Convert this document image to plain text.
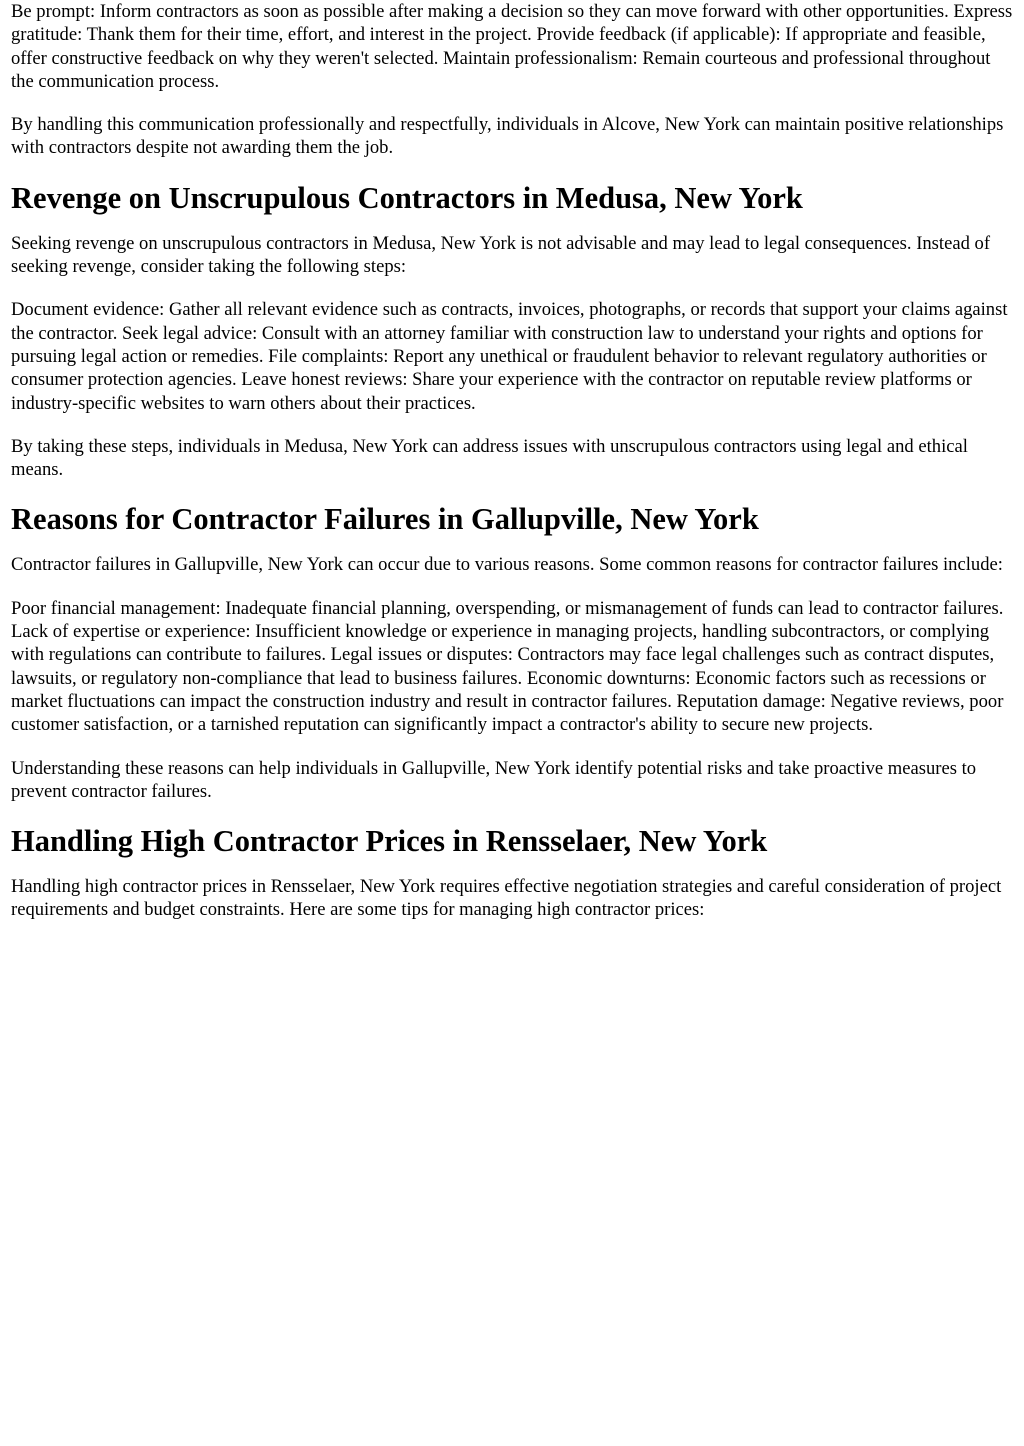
Be prompt: Inform contractors as soon as possible after making a decision so they can move forward with other opportunities. Express gratitude: Thank them for their time, effort, and interest in the project. Provide feedback (if applicable): If appropriate and feasible, offer constructive feedback on why they weren't selected. Maintain professionalism: Remain courteous and professional throughout the communication process.

By handling this communication professionally and respectfully, individuals in Alcove, New York can maintain positive relationships with contractors despite not awarding them the job.

Revenge on Unscrupulous Contractors in Medusa, New York

Seeking revenge on unscrupulous contractors in Medusa, New York is not advisable and may lead to legal consequences. Instead of seeking revenge, consider taking the following steps:

Document evidence: Gather all relevant evidence such as contracts, invoices, photographs, or records that support your claims against the contractor. Seek legal advice: Consult with an attorney familiar with construction law to understand your rights and options for pursuing legal action or remedies. File complaints: Report any unethical or fraudulent behavior to relevant regulatory authorities or consumer protection agencies. Leave honest reviews: Share your experience with the contractor on reputable review platforms or industry-specific websites to warn others about their practices.

By taking these steps, individuals in Medusa, New York can address issues with unscrupulous contractors using legal and ethical means.

Reasons for Contractor Failures in Gallupville, New York

Contractor failures in Gallupville, New York can occur due to various reasons. Some common reasons for contractor failures include:

Poor financial management: Inadequate financial planning, overspending, or mismanagement of funds can lead to contractor failures. Lack of expertise or experience: Insufficient knowledge or experience in managing projects, handling subcontractors, or complying with regulations can contribute to failures. Legal issues or disputes: Contractors may face legal challenges such as contract disputes, lawsuits, or regulatory non-compliance that lead to business failures. Economic downturns: Economic factors such as recessions or market fluctuations can impact the construction industry and result in contractor failures. Reputation damage: Negative reviews, poor customer satisfaction, or a tarnished reputation can significantly impact a contractor's ability to secure new projects.

Understanding these reasons can help individuals in Gallupville, New York identify potential risks and take proactive measures to prevent contractor failures.

Handling High Contractor Prices in Rensselaer, New York

Handling high contractor prices in Rensselaer, New York requires effective negotiation strategies and careful consideration of project requirements and budget constraints. Here are some tips for managing high contractor prices:
